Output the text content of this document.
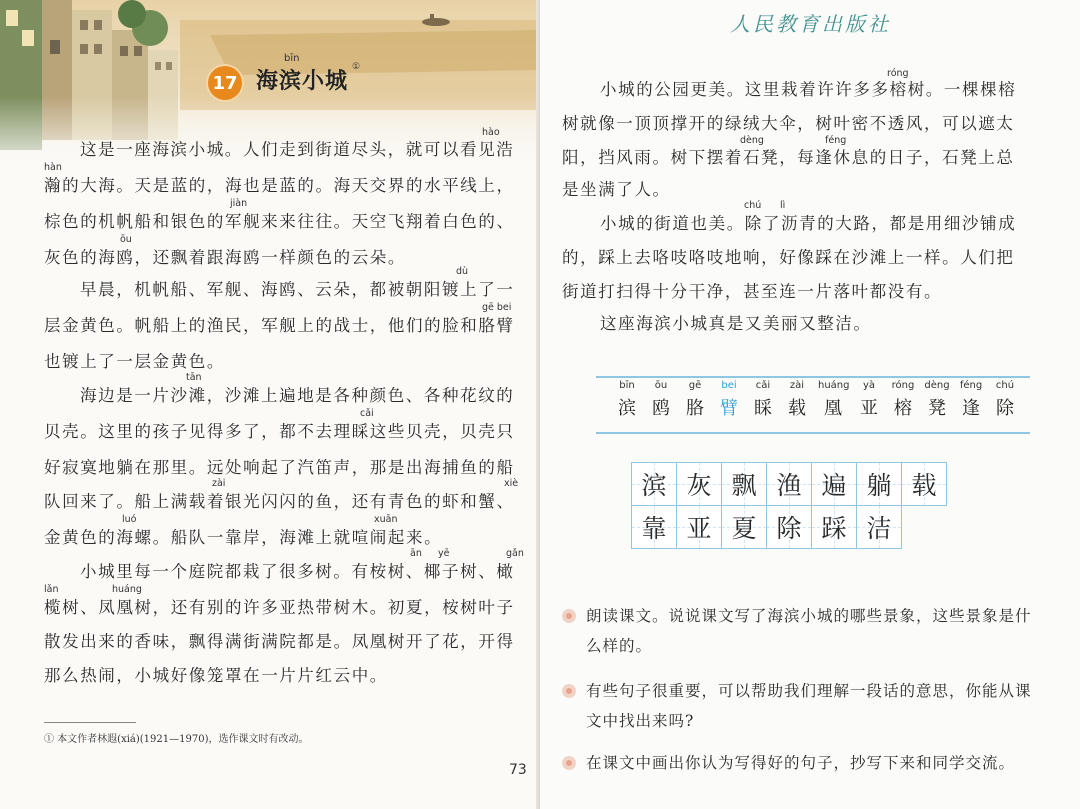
17
bīn
海滨小城
①
hào
hàn
jiàn
ōu
dù
gē bei
tān
cǎi
zài	xiè
luó	xuān
ān yē	gǎn
lǎn	huáng

这是一座海滨小城。人们走到街道尽头，就可以看见浩

瀚的大海。天是蓝的，海也是蓝的。海天交界的水平线上，

棕色的机帆船和银色的军舰来来往往。天空飞翔着白色的、

灰色的海鸥，还飘着跟海鸥一样颜色的云朵。

早晨，机帆船、军舰、海鸥、云朵，都被朝阳镀上了一

层金黄色。帆船上的渔民，军舰上的战士，他们的脸和胳臂

也镀上了一层金黄色。

海边是一片沙滩，沙滩上遍地是各种颜色、各种花纹的

贝壳。这里的孩子见得多了，都不去理睬这些贝壳，贝壳只

好寂寞地躺在那里。远处响起了汽笛声，那是出海捕鱼的船

队回来了。船上满载着银光闪闪的鱼，还有青色的虾和蟹、

金黄色的海螺。船队一靠岸，海滩上就喧闹起来。

小城里每一个庭院都栽了很多树。有桉树、椰子树、橄

榄树、凤凰树，还有别的许多亚热带树木。初夏，桉树叶子

散发出来的香味，飘得满街满院都是。凤凰树开了花，开得

那么热闹，小城好像笼罩在一片片红云中。

① 本文作者林遐(xiá)(1921—1970)，选作课文时有改动。
73
人民教育出版社
róng
dèng	féng
chú lì

小城的公园更美。这里栽着许许多多榕树。一棵棵榕

树就像一顶顶撑开的绿绒大伞，树叶密不透风，可以遮太

阳，挡风雨。树下摆着石凳，每逢休息的日子，石凳上总

是坐满了人。

小城的街道也美。除了沥青的大路，都是用细沙铺成

的，踩上去咯吱咯吱地响，好像踩在沙滩上一样。人们把

街道打扫得十分干净，甚至连一片落叶都没有。

这座海滨小城真是又美丽又整洁。

bīn
滨
ōu
鸥
gē
胳
bei
臂
cǎi
睬
zài
载
huáng
凰
yà
亚
róng
榕
dèng
凳
féng
逢
chú
除
滨 灰 飘 渔 遍 躺 载
靠 亚 夏 除 踩 洁

朗读课文。说说课文写了海滨小城的哪些景象，这些景象是什

么样的。

有些句子很重要，可以帮助我们理解一段话的意思，你能从课

文中找出来吗?

在课文中画出你认为写得好的句子，抄写下来和同学交流。
